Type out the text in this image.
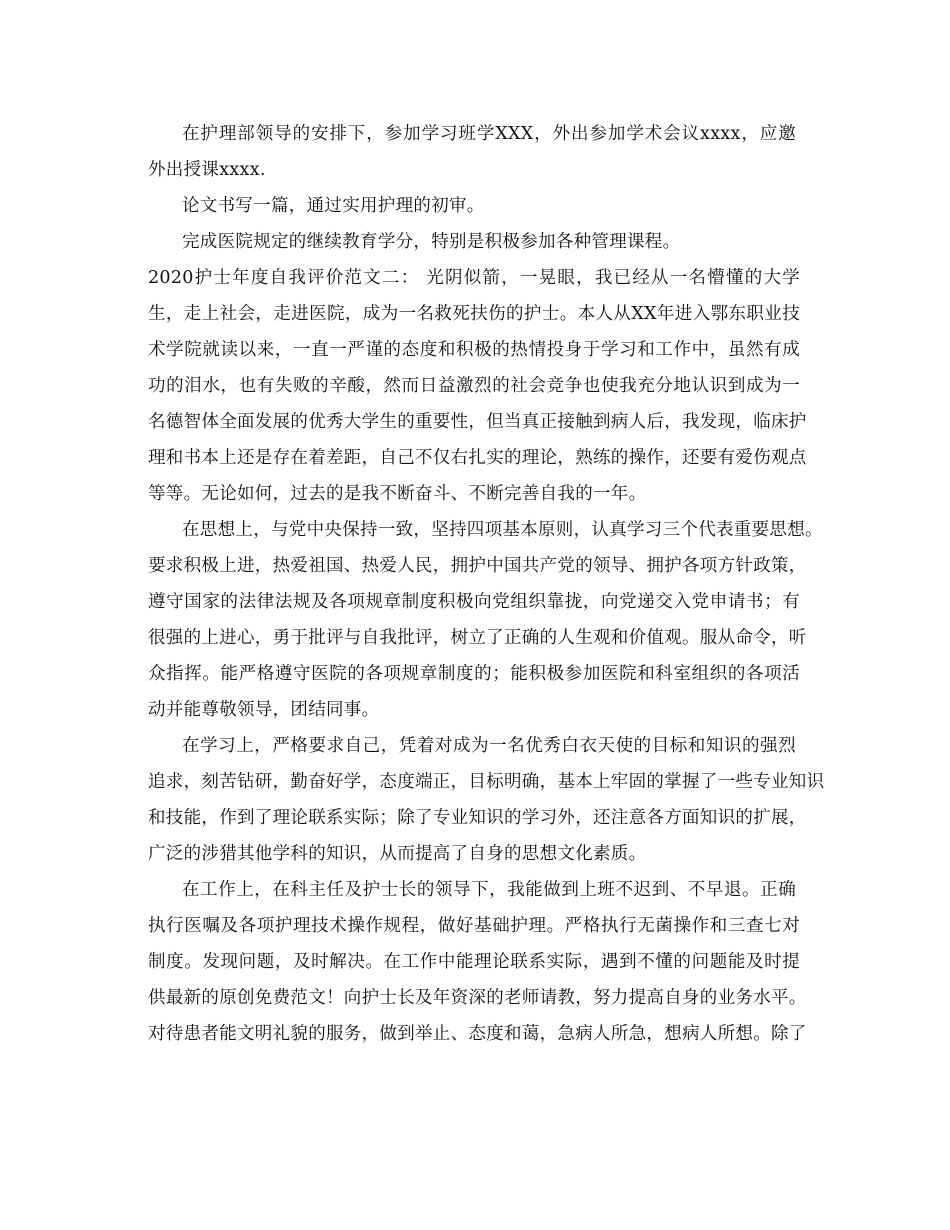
在护理部领导的安排下，参加学习班学XXX，外出参加学术会议xxxx，应邀
外出授课xxxx.
论文书写一篇，通过实用护理的初审。
完成医院规定的继续教育学分，特别是积极参加各种管理课程。
2020护士年度自我评价范文二： 光阴似箭，一晃眼，我已经从一名懵懂的大学
生，走上社会，走进医院，成为一名救死扶伤的护士。本人从XX年进入鄂东职业技
术学院就读以来，一直一严谨的态度和积极的热情投身于学习和工作中，虽然有成
功的泪水，也有失败的辛酸，然而日益激烈的社会竞争也使我充分地认识到成为一
名德智体全面发展的优秀大学生的重要性，但当真正接触到病人后，我发现，临床护
理和书本上还是存在着差距，自己不仅右扎实的理论，熟练的操作，还要有爱伤观点
等等。无论如何，过去的是我不断奋斗、不断完善自我的一年。
在思想上，与党中央保持一致，坚持四项基本原则，认真学习三个代表重要思想。
要求积极上进，热爱祖国、热爱人民，拥护中国共产党的领导、拥护各项方针政策，
遵守国家的法律法规及各项规章制度积极向党组织靠拢，向党递交入党申请书；有
很强的上进心，勇于批评与自我批评，树立了正确的人生观和价值观。服从命令，听
众指挥。能严格遵守医院的各项规章制度的；能积极参加医院和科室组织的各项活
动并能尊敬领导，团结同事。
在学习上，严格要求自己，凭着对成为一名优秀白衣天使的目标和知识的强烈
追求，刻苦钻研，勤奋好学，态度端正，目标明确，基本上牢固的掌握了一些专业知识
和技能，作到了理论联系实际；除了专业知识的学习外，还注意各方面知识的扩展，
广泛的涉猎其他学科的知识，从而提高了自身的思想文化素质。
在工作上，在科主任及护士长的领导下，我能做到上班不迟到、不早退。正确
执行医嘱及各项护理技术操作规程，做好基础护理。严格执行无菌操作和三查七对
制度。发现问题，及时解决。在工作中能理论联系实际，遇到不懂的问题能及时提
供最新的原创免费范文！向护士长及年资深的老师请教，努力提高自身的业务水平。
对待患者能文明礼貌的服务，做到举止、态度和蔼，急病人所急，想病人所想。除了
